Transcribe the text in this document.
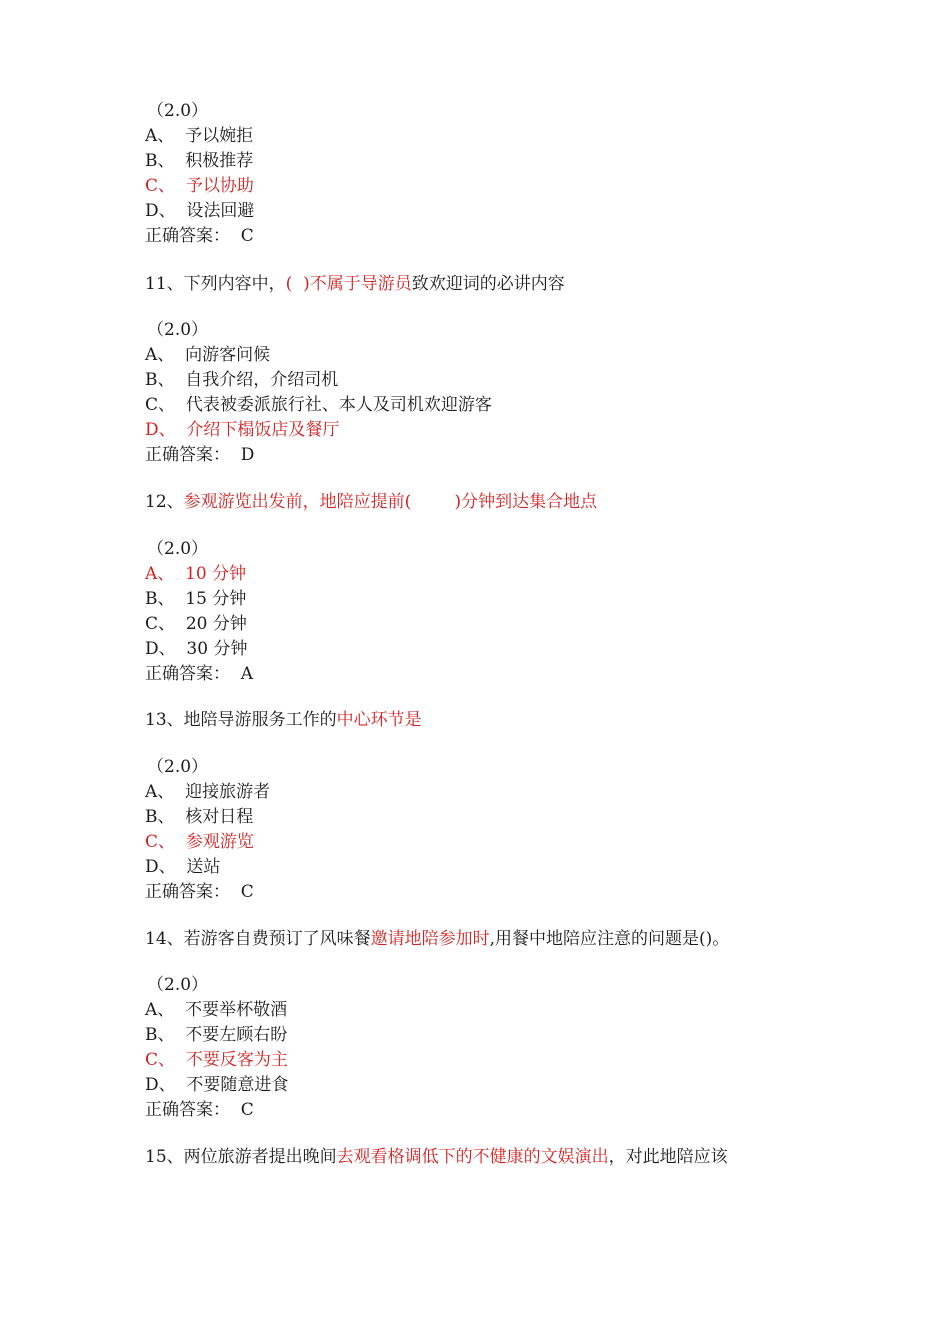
（2.0）
A、  予以婉拒
B、  积极推荐
C、  予以协助
D、  设法回避
正确答案：  C
11、下列内容中，(  )不属于导游员致欢迎词的必讲内容
（2.0）
A、  向游客问候
B、  自我介绍，介绍司机
C、  代表被委派旅行社、本人及司机欢迎游客
D、  介绍下榻饭店及餐厅
正确答案：  D
12、参观游览出发前，地陪应提前(        )分钟到达集合地点
（2.0）
A、  10 分钟
B、  15 分钟
C、  20 分钟
D、  30 分钟
正确答案：  A
13、地陪导游服务工作的中心环节是
（2.0）
A、  迎接旅游者
B、  核对日程
C、  参观游览
D、  送站
正确答案：  C
14、若游客自费预订了风味餐邀请地陪参加时,用餐中地陪应注意的问题是()。
（2.0）
A、  不要举杯敬酒
B、  不要左顾右盼
C、  不要反客为主
D、  不要随意进食
正确答案：  C
15、两位旅游者提出晚间去观看格调低下的不健康的文娱演出，对此地陪应该
